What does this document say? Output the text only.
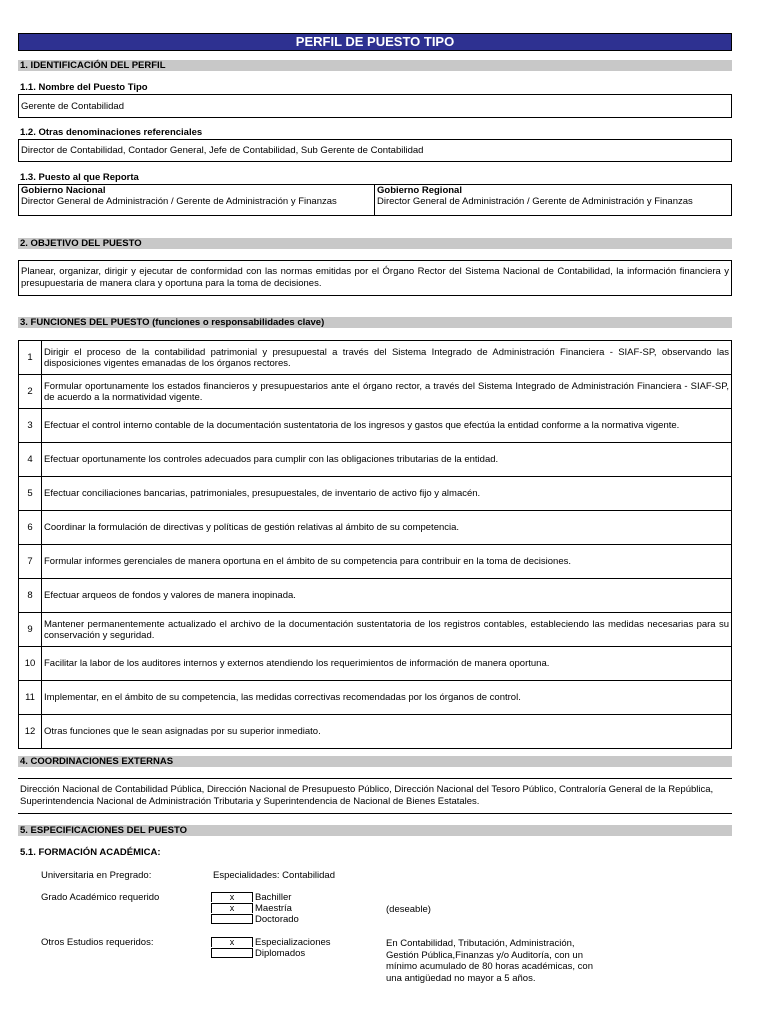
PERFIL DE PUESTO TIPO
1. IDENTIFICACIÓN DEL PERFIL
1.1. Nombre del Puesto Tipo
Gerente de Contabilidad
1.2. Otras denominaciones referenciales
Director de Contabilidad, Contador General, Jefe de Contabilidad, Sub Gerente de Contabilidad
1.3. Puesto al que Reporta
Gobierno Nacional
Director General de Administración / Gerente de Administración y Finanzas
Gobierno Regional
Director General de Administración / Gerente de Administración y Finanzas
2. OBJETIVO DEL PUESTO
Planear, organizar, dirigir y ejecutar de conformidad con las normas emitidas por el Órgano Rector del Sistema Nacional de Contabilidad, la información financiera y presupuestaria de manera clara y oportuna para la toma de decisiones.
3. FUNCIONES DEL PUESTO (funciones o responsabilidades clave)
1	Dirigir el proceso de la contabilidad patrimonial y presupuestal a través del Sistema Integrado de Administración Financiera - SIAF-SP, observando las disposiciones vigentes emanadas de los órganos rectores.
2	Formular oportunamente los estados financieros y presupuestarios ante el órgano rector, a través del Sistema Integrado de Administración Financiera - SIAF-SP, de acuerdo a la normatividad vigente.
3	Efectuar el control interno contable de la documentación sustentatoria de los ingresos y gastos que efectúa la entidad conforme a la normativa vigente.
4	Efectuar oportunamente los controles adecuados para cumplir con las obligaciones tributarias de la entidad.
5	Efectuar conciliaciones bancarias, patrimoniales, presupuestales, de inventario de activo fijo y almacén.
6	Coordinar la formulación de directivas y políticas de gestión relativas al ámbito de su competencia.
7	Formular informes gerenciales de manera oportuna en el ámbito de su competencia para contribuir en la toma de decisiones.
8	Efectuar arqueos de fondos y valores de manera inopinada.
9	Mantener permanentemente actualizado el archivo de la documentación sustentatoria de los registros contables, estableciendo las medidas necesarias para su conservación y seguridad.
10	Facilitar la labor de los auditores internos y externos atendiendo los requerimientos de información de manera oportuna.
11	Implementar, en el ámbito de su competencia, las medidas correctivas recomendadas por los órganos de control.
12	Otras funciones que le sean asignadas por su superior inmediato.
4. COORDINACIONES EXTERNAS
Dirección Nacional de Contabilidad Pública, Dirección Nacional de Presupuesto Público, Dirección Nacional del Tesoro Público, Contraloría General de la República, Superintendencia Nacional de Administración Tributaria y Superintendencia de Nacional de Bienes Estatales.
5. ESPECIFICACIONES DEL PUESTO
5.1. FORMACIÓN ACADÉMICA:
Universitaria en Pregrado:	Especialidades: Contabilidad
Grado Académico requerido	x	Bachiller
x	Maestría
Doctorado
(deseable)
Otros Estudios requeridos:	x	Especializaciones
Diplomados
En Contabilidad, Tributación, Administración, Gestión Pública,Finanzas y/o Auditoría, con un mínimo acumulado de 80 horas académicas, con una antigüedad no mayor a 5 años.
